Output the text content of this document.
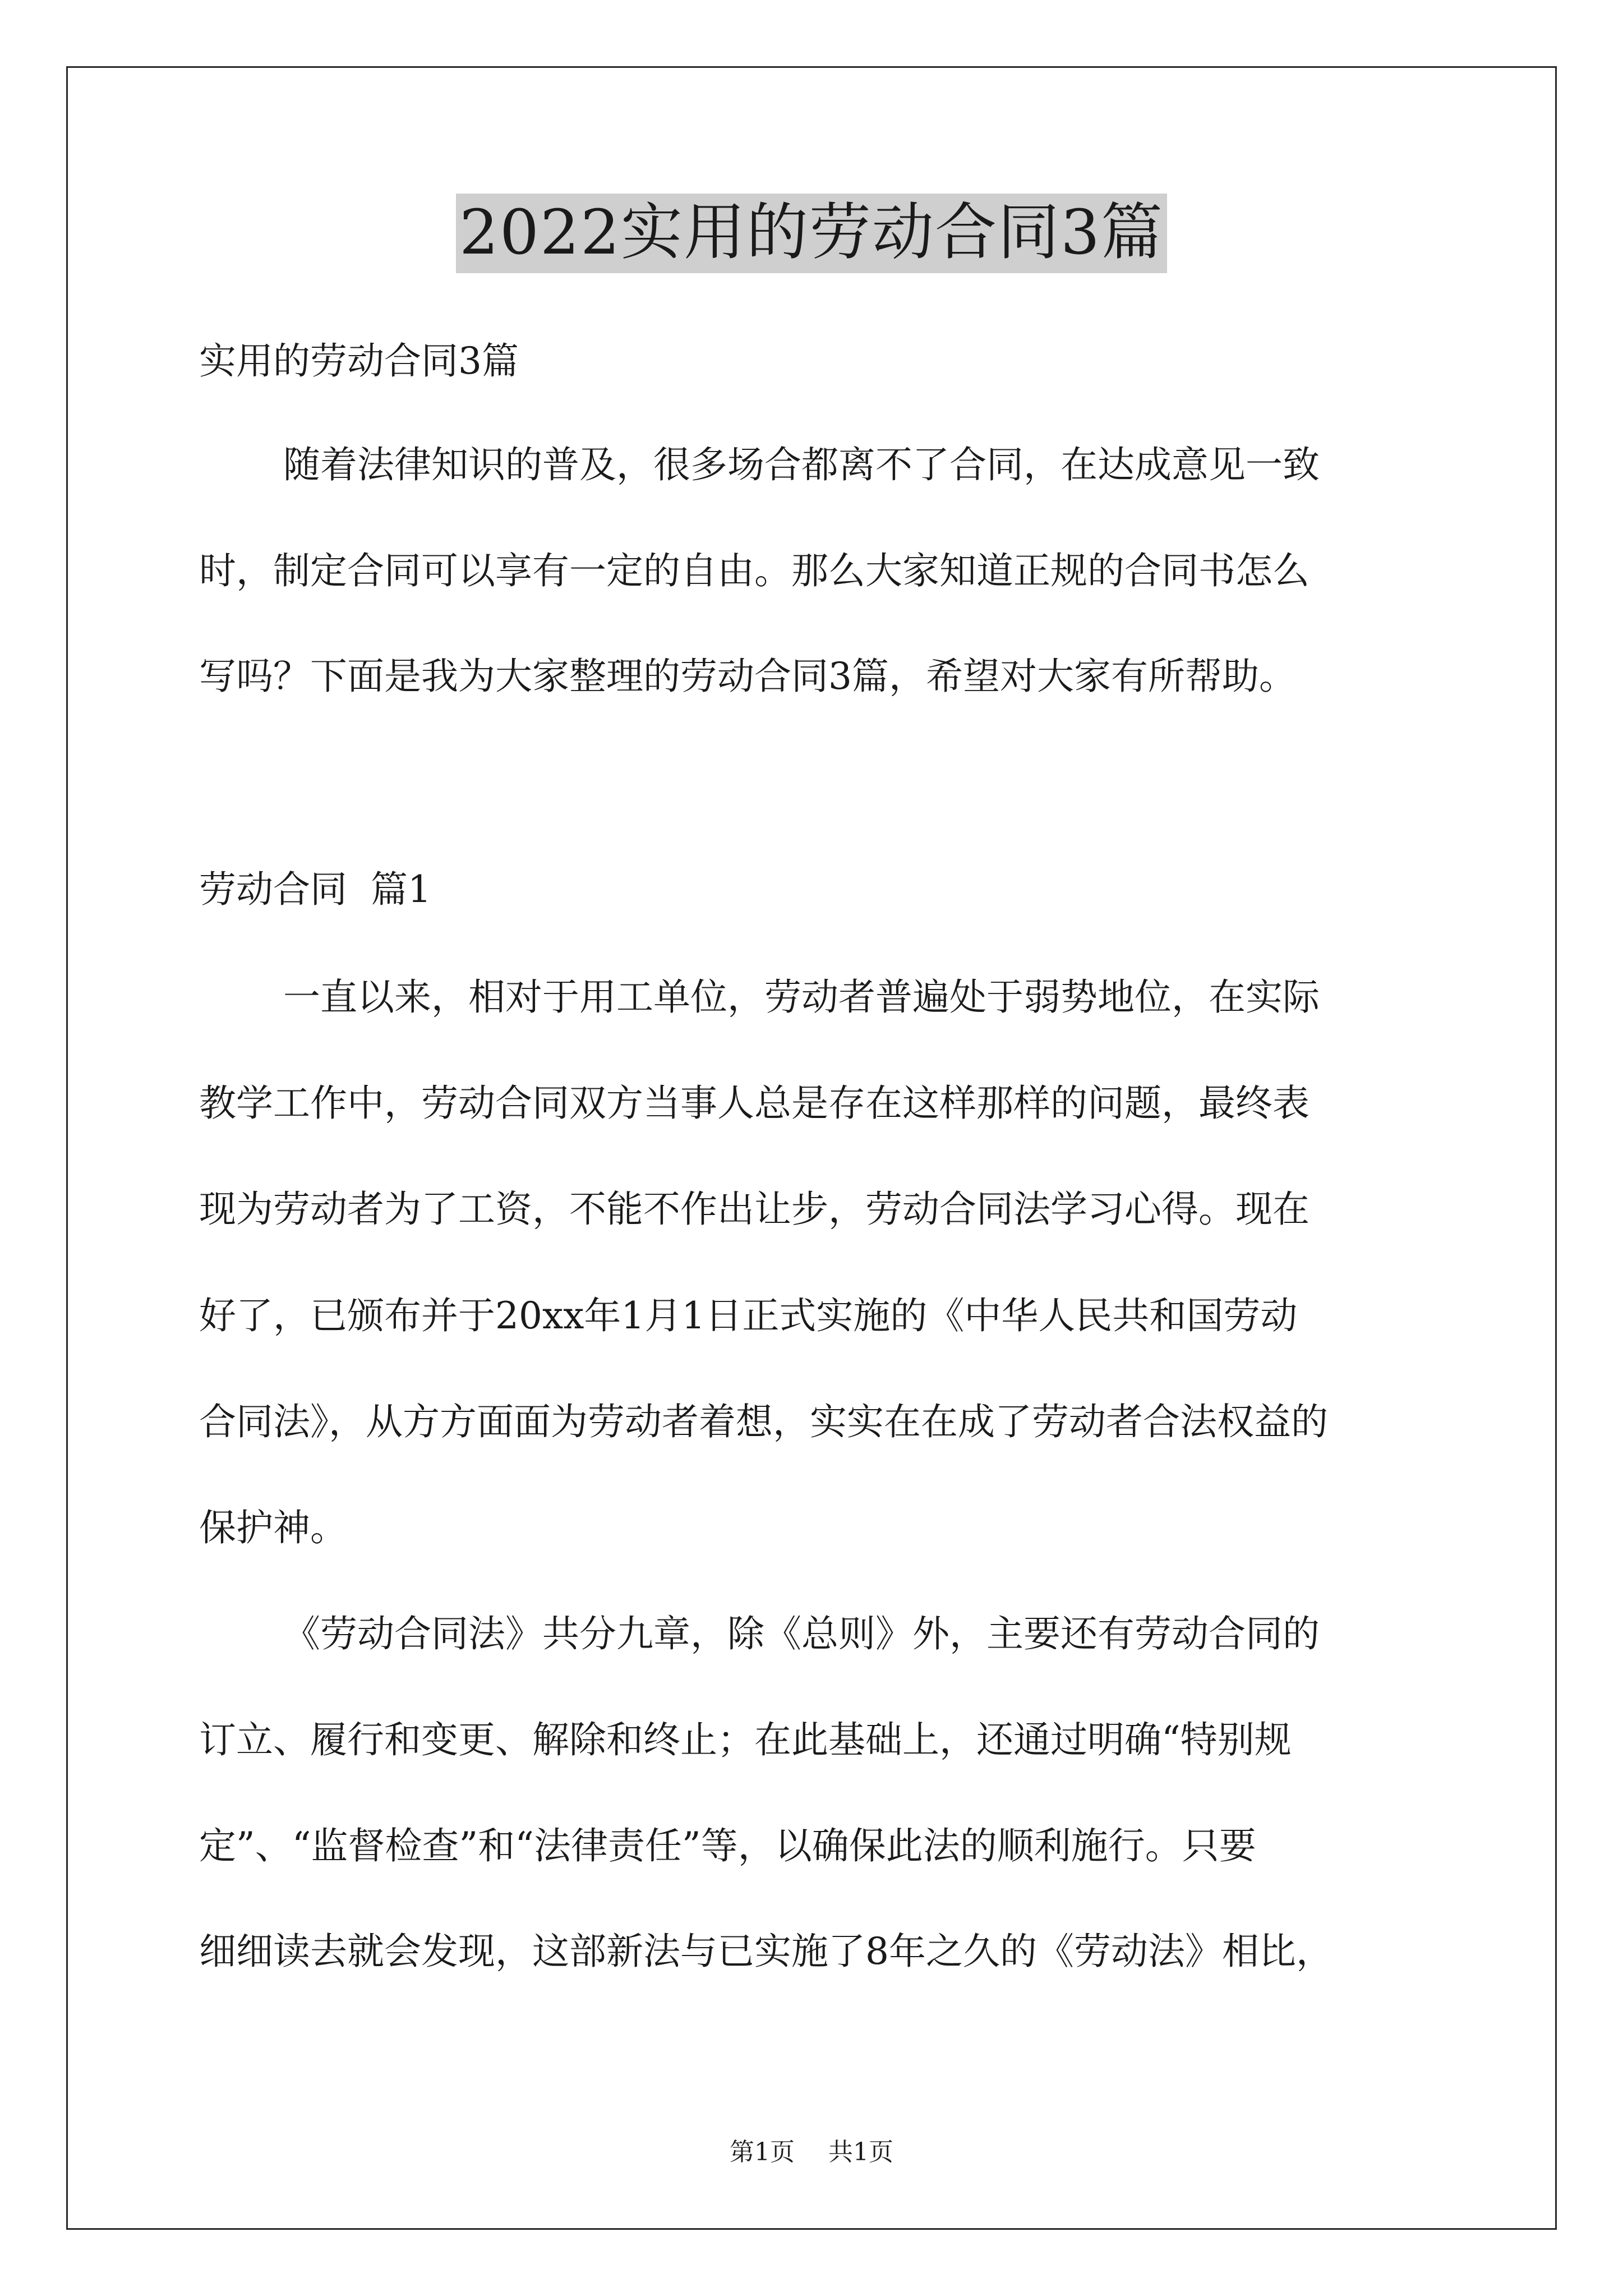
2022实用的劳动合同3篇

实用的劳动合同3篇

随着法律知识的普及，很多场合都离不了合同，在达成意见一致

时，制定合同可以享有一定的自由。那么大家知道正规的合同书怎么

写吗？下面是我为大家整理的劳动合同3篇，希望对大家有所帮助。

劳动合同  篇1

一直以来，相对于用工单位，劳动者普遍处于弱势地位，在实际

教学工作中，劳动合同双方当事人总是存在这样那样的问题，最终表

现为劳动者为了工资，不能不作出让步，劳动合同法学习心得。现在

好了，已颁布并于20xx年1月1日正式实施的《中华人民共和国劳动

合同法》，从方方面面为劳动者着想，实实在在成了劳动者合法权益的

保护神。

《劳动合同法》共分九章，除《总则》外，主要还有劳动合同的

订立、履行和变更、解除和终止；在此基础上，还通过明确“特别规

定”、“监督检查”和“法律责任”等，以确保此法的顺利施行。只要

细细读去就会发现，这部新法与已实施了8年之久的《劳动法》相比，

第1页 共1页
